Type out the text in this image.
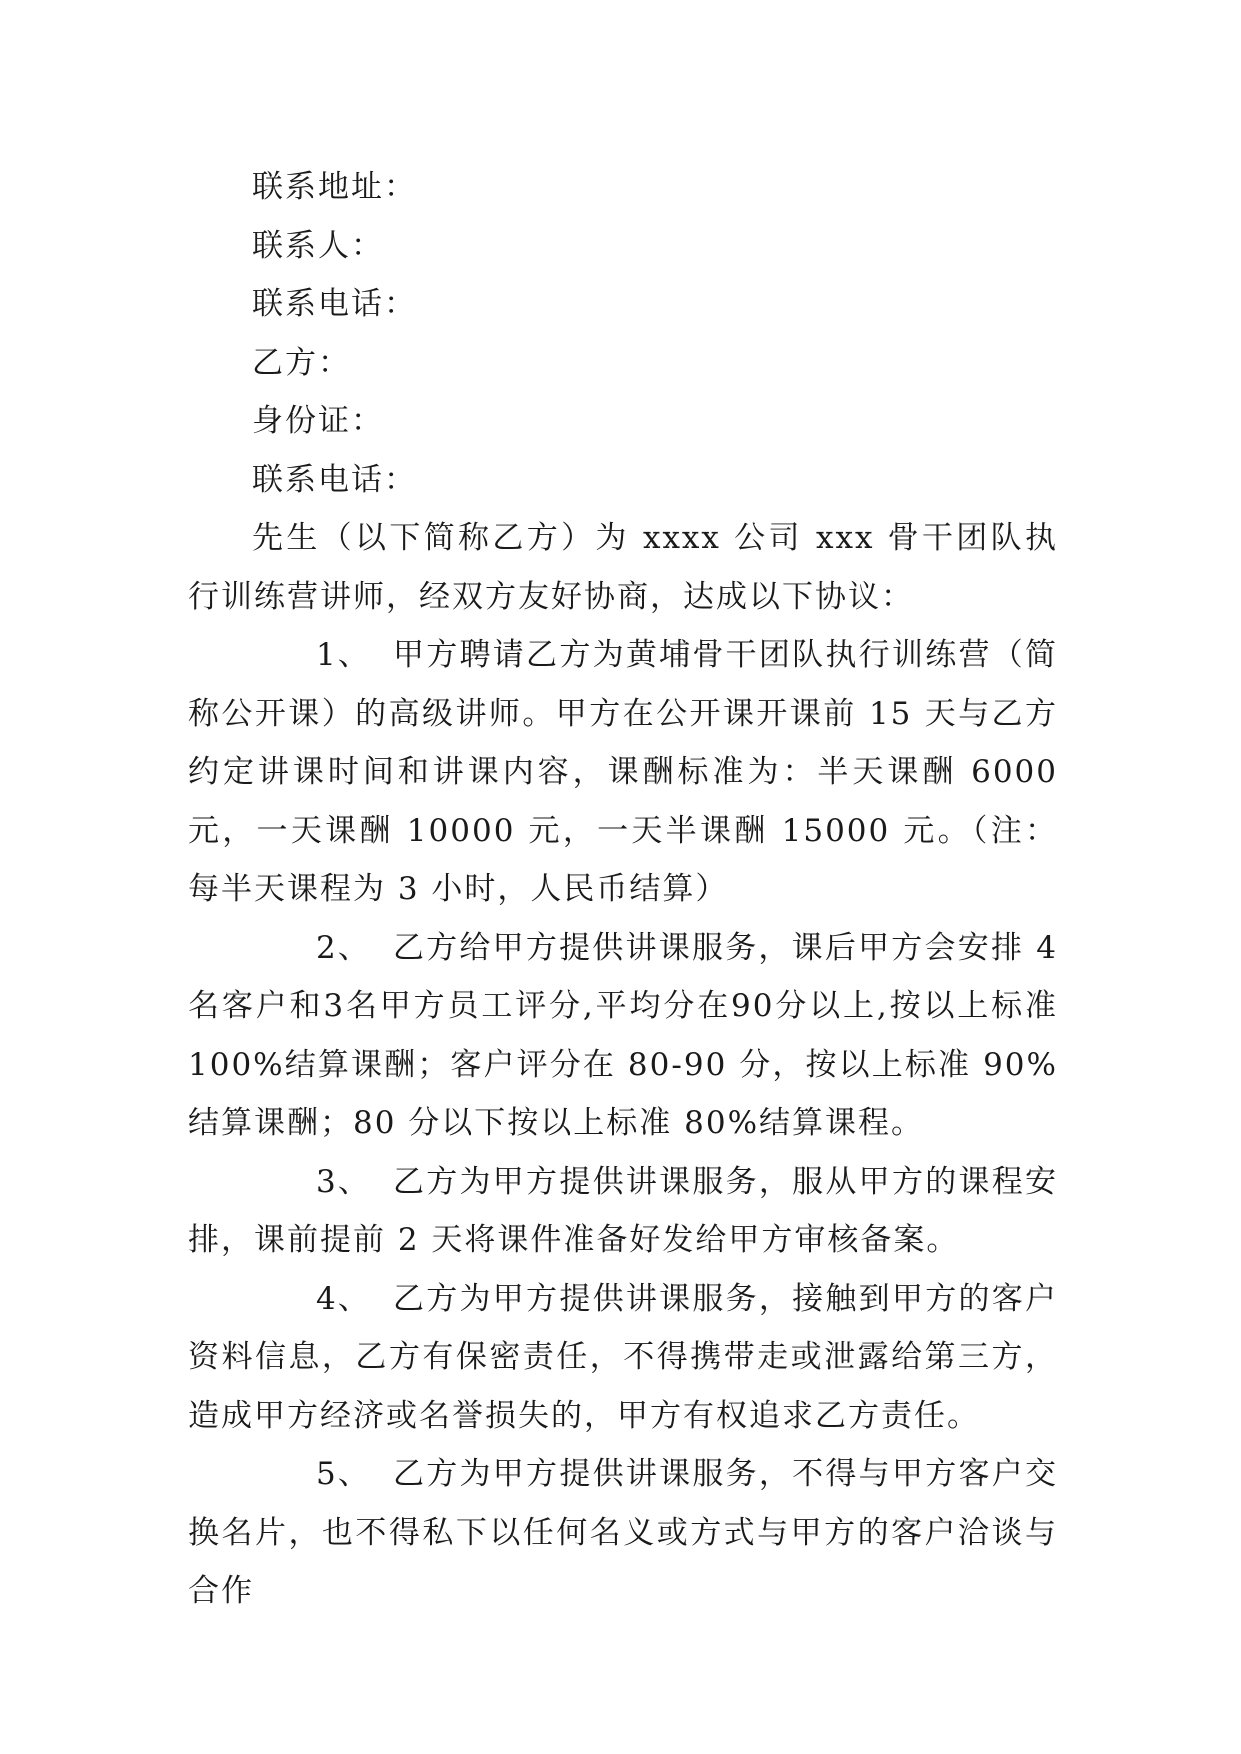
联系地址：

联系人：

联系电话：

乙方：

身份证：

联系电话：

先生（以下简称乙方）为 xxxx 公司 xxx 骨干团队执行训练营讲师，经双方友好协商，达成以下协议：

1、 甲方聘请乙方为黄埔骨干团队执行训练营（简称公开课）的高级讲师。甲方在公开课开课前 15 天与乙方约定讲课时间和讲课内容，课酬标准为：半天课酬 6000 元，一天课酬 10000 元，一天半课酬 15000 元。（注：每半天课程为 3 小时，人民币结算）

2、 乙方给甲方提供讲课服务，课后甲方会安排 4 名客户和3名甲方员工评分,平均分在90分以上,按以上标准 100%结算课酬；客户评分在 80-90 分，按以上标准 90%结算课酬；80 分以下按以上标准 80%结算课程。

3、 乙方为甲方提供讲课服务，服从甲方的课程安排，课前提前 2 天将课件准备好发给甲方审核备案。

4、 乙方为甲方提供讲课服务，接触到甲方的客户资料信息，乙方有保密责任，不得携带走或泄露给第三方，造成甲方经济或名誉损失的，甲方有权追求乙方责任。

5、 乙方为甲方提供讲课服务，不得与甲方客户交换名片，也不得私下以任何名义或方式与甲方的客户洽谈与合作
